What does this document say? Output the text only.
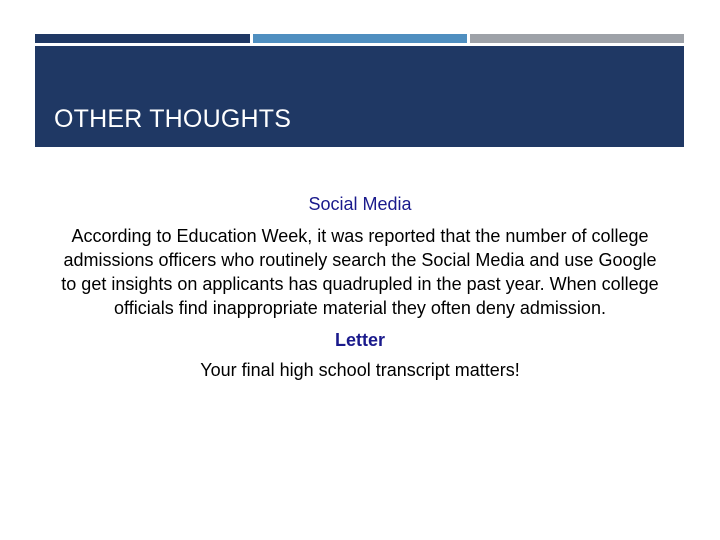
OTHER THOUGHTS

Social Media

According to Education Week, it was reported that the number of college admissions officers who routinely search the Social Media and use Google to get insights on applicants has quadrupled in the past year. When college officials find inappropriate material they often deny admission.

Letter

Your final high school transcript matters!
